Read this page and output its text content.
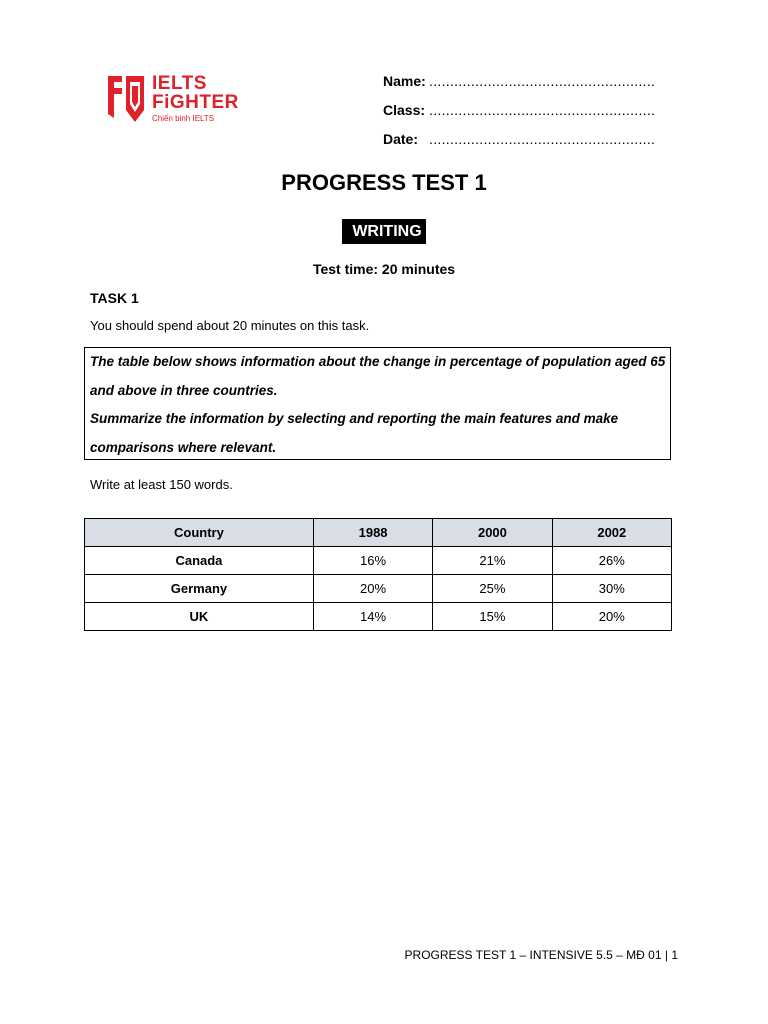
IELTS
FiGHTER
Chiến binh IELTS
Name: ......................................................
Class: ......................................................
Date: ......................................................
PROGRESS TEST 1
WRITING
Test time: 20 minutes
TASK 1
You should spend about 20 minutes on this task.
The table below shows information about the change in percentage of population aged 65
and above in three countries.
Summarize the information by selecting and reporting the main features and make
comparisons where relevant.
Write at least 150 words.
Country	1988	2000	2002
Canada	16%	21%	26%
Germany	20%	25%	30%
UK	14%	15%	20%
PROGRESS TEST 1 – INTENSIVE 5.5 – MĐ 01 | 1
